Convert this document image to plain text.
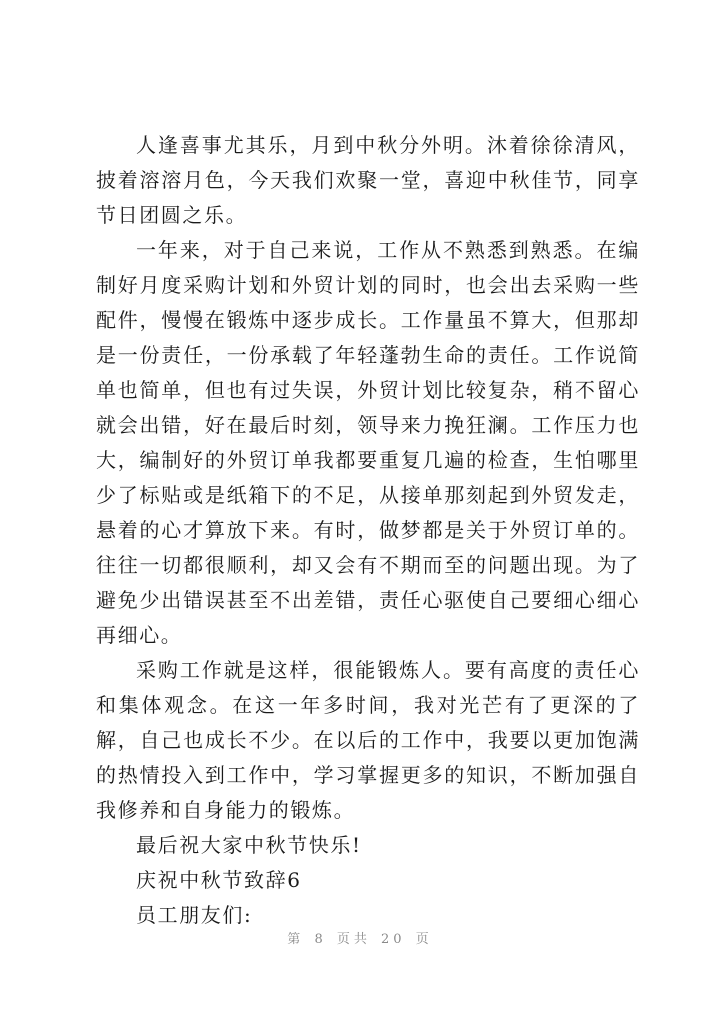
人逢喜事尤其乐，月到中秋分外明。沐着徐徐清风，披着溶溶月色，今天我们欢聚一堂，喜迎中秋佳节，同享节日团圆之乐。

一年来，对于自己来说，工作从不熟悉到熟悉。在编制好月度采购计划和外贸计划的同时，也会出去采购一些配件，慢慢在锻炼中逐步成长。工作量虽不算大，但那却是一份责任，一份承载了年轻蓬勃生命的责任。工作说简单也简单，但也有过失误，外贸计划比较复杂，稍不留心就会出错，好在最后时刻，领导来力挽狂澜。工作压力也大，编制好的外贸订单我都要重复几遍的检查，生怕哪里少了标贴或是纸箱下的不足，从接单那刻起到外贸发走，悬着的心才算放下来。有时，做梦都是关于外贸订单的。往往一切都很顺利，却又会有不期而至的问题出现。为了避免少出错误甚至不出差错，责任心驱使自己要细心细心再细心。

采购工作就是这样，很能锻炼人。要有高度的责任心和集体观念。在这一年多时间，我对光芒有了更深的了解，自己也成长不少。在以后的工作中，我要以更加饱满的热情投入到工作中，学习掌握更多的知识，不断加强自我修养和自身能力的锻炼。

最后祝大家中秋节快乐!

庆祝中秋节致辞6

员工朋友们:

第 8 页共 20 页
